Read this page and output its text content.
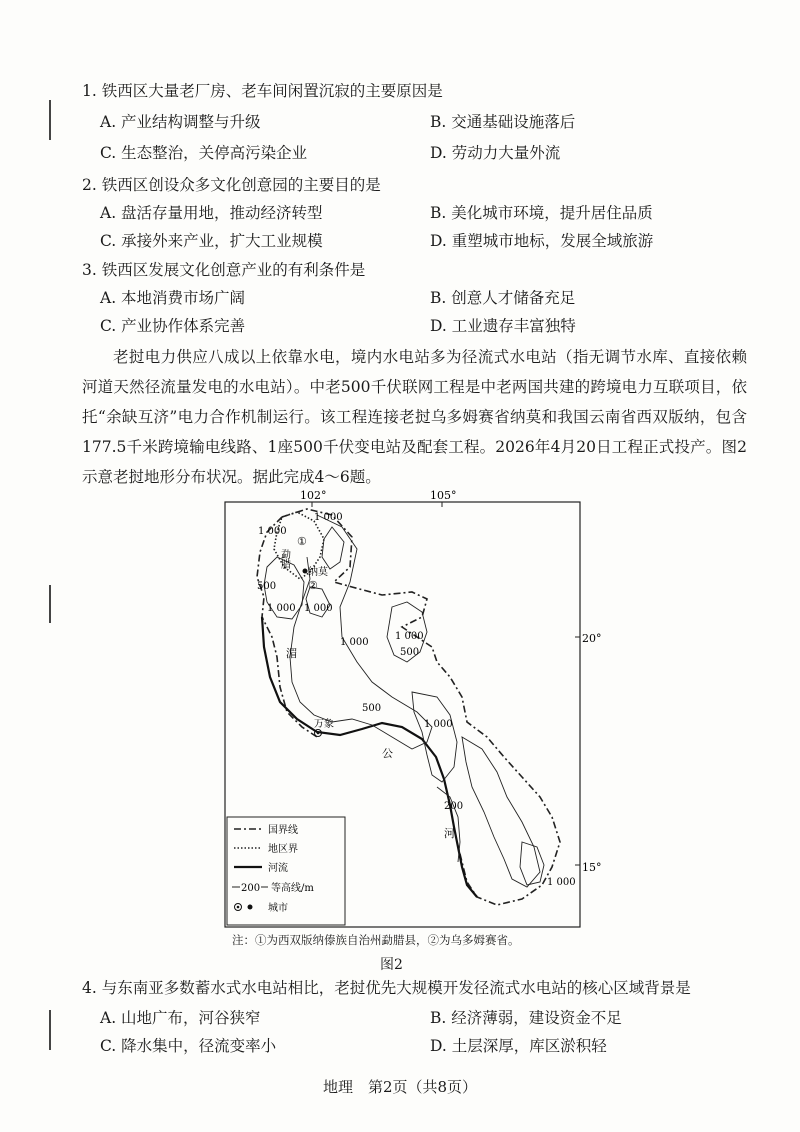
1. 铁西区大量老厂房、老车间闲置沉寂的主要原因是
A. 产业结构调整与升级	B. 交通基础设施落后
C. 生态整治，关停高污染企业	D. 劳动力大量外流
2. 铁西区创设众多文化创意园的主要目的是
A. 盘活存量用地，推动经济转型	B. 美化城市环境，提升居住品质
C. 承接外来产业，扩大工业规模	D. 重塑城市地标，发展全域旅游
3. 铁西区发展文化创意产业的有利条件是
A. 本地消费市场广阔	B. 创意人才储备充足
C. 产业协作体系完善	D. 工业遗存丰富独特

老挝电力供应八成以上依靠水电，境内水电站多为径流式水电站（指无调节水库、直接依赖河道天然径流量发电的水电站）。中老500千伏联网工程是中老两国共建的跨境电力互联项目，依托“余缺互济”电力合作机制运行。该工程连接老挝乌多姆赛省纳莫和我国云南省西双版纳，包含177.5千米跨境输电线路、1座500千伏变电站及配套工程。2026年4月20日工程正式投产。图2示意老挝地形分布状况。据此完成4～6题。

102°	105°
20°
15°
1 000
1 000
500
1 000 1 000
1 000
1 000
500
500
1 000
200
1 000
勐腊
①
②
纳莫
万象
湄
公
河
国界线
地区界
河流
200 等高线/m
城市
注：①为西双版纳傣族自治州勐腊县，②为乌多姆赛省。
图2
4. 与东南亚多数蓄水式水电站相比，老挝优先大规模开发径流式水电站的核心区域背景是
A. 山地广布，河谷狭窄	B. 经济薄弱，建设资金不足
C. 降水集中，径流变率小	D. 土层深厚，库区淤积轻
地理　第2页（共8页）
